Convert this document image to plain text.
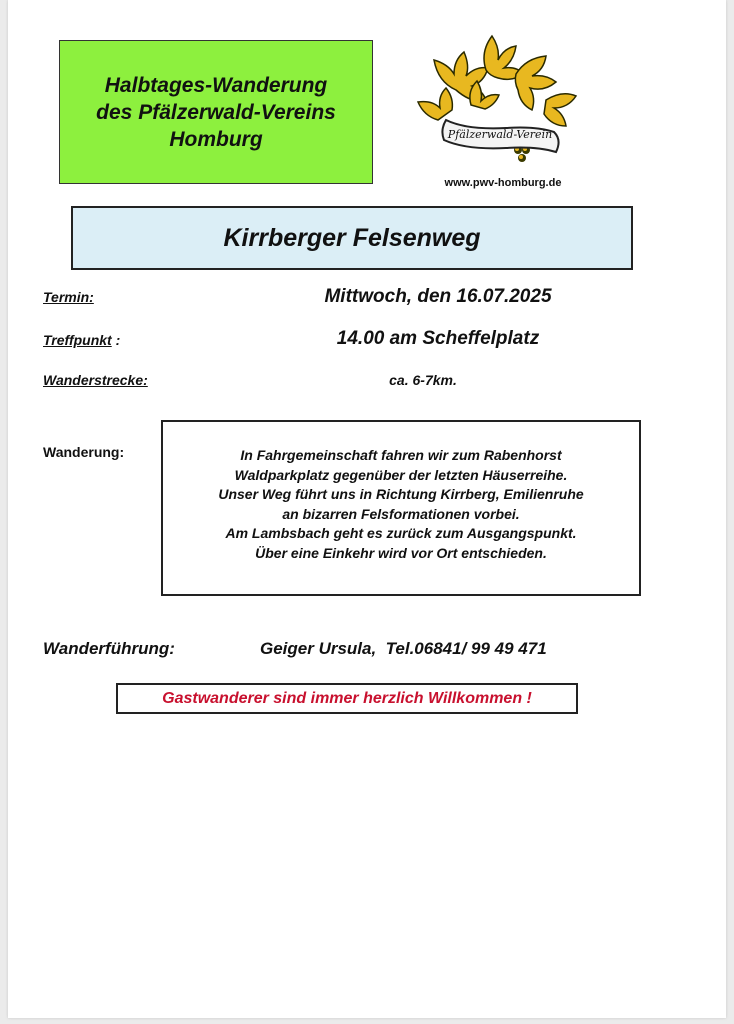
Halbtages-Wanderung
des Pfälzerwald-Vereins
Homburg	Pfälzerwald-Verein
www.pwv-homburg.de
Kirrberger Felsenweg
Termin:	Mittwoch, den 16.07.2025
Treffpunkt :	14.00 am Scheffelplatz
Wanderstrecke:	ca. 6-7km.
Wanderung:	In Fahrgemeinschaft fahren wir zum Rabenhorst
Waldparkplatz gegenüber der letzten Häuserreihe.
Unser Weg führt uns in Richtung Kirrberg, Emilienruhe
an bizarren Felsformationen vorbei.
Am Lambsbach geht es zurück zum Ausgangspunkt.
Über eine Einkehr wird vor Ort entschieden.
Wanderführung:	Geiger Ursula,  Tel.06841/ 99 49 471
Gastwanderer sind immer herzlich Willkommen !
